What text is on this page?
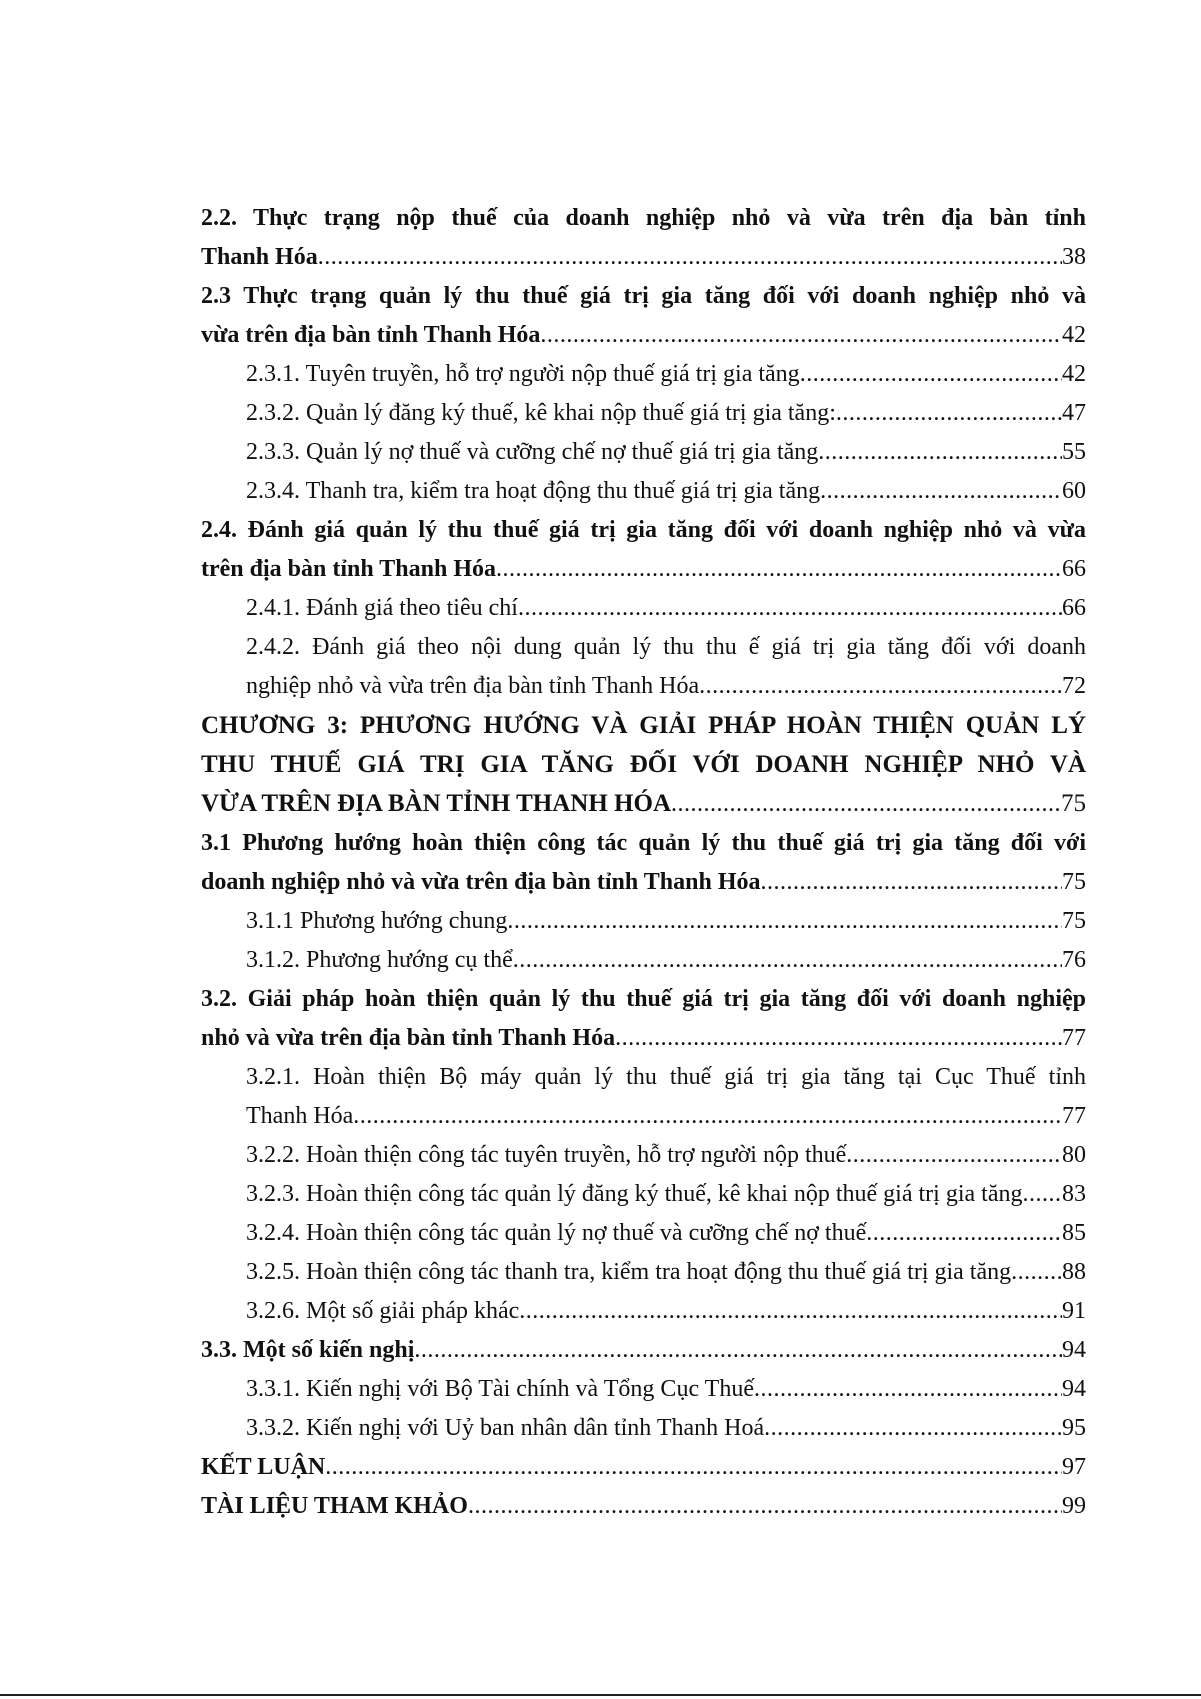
2.2. Thực trạng nộp thuế của doanh nghiệp nhỏ và vừa trên địa bàn tỉnh
Thanh Hóa .....	38
2.3 Thực trạng quản lý thu thuế giá trị gia tăng đối với doanh nghiệp nhỏ và
vừa trên địa bàn tỉnh Thanh Hóa .....	42
2.3.1. Tuyên truyền, hỗ trợ người nộp thuế giá trị gia tăng .....	42
2.3.2. Quản lý đăng ký thuế, kê khai nộp thuế giá trị gia tăng: .....	47
2.3.3. Quản lý nợ thuế và cưỡng chế nợ thuế giá trị gia tăng .....	55
2.3.4. Thanh tra, kiểm tra hoạt động thu thuế giá trị gia tăng .....	60
2.4. Đánh giá quản lý thu thuế giá trị gia tăng đối với doanh nghiệp nhỏ và vừa
trên địa bàn tỉnh Thanh Hóa .....	66
2.4.1. Đánh giá theo tiêu chí .....	66
2.4.2. Đánh giá theo nội dung quản lý thu thu ế giá trị gia tăng đối với doanh
nghiệp nhỏ và vừa trên địa bàn tỉnh Thanh Hóa .....	72
CHƯƠNG 3: PHƯƠNG HƯỚNG VÀ GIẢI PHÁP HOÀN THIỆN QUẢN LÝ
THU THUẾ GIÁ TRỊ GIA TĂNG ĐỐI VỚI DOANH NGHIỆP NHỎ VÀ
VỪA TRÊN ĐỊA BÀN TỈNH THANH HÓA .....	75
3.1 Phương hướng hoàn thiện công tác quản lý thu thuế giá trị gia tăng đối với
doanh nghiệp nhỏ và vừa trên địa bàn tỉnh Thanh Hóa .....	75
3.1.1 Phương hướng chung .....	75
3.1.2. Phương hướng cụ thể .....	76
3.2. Giải pháp hoàn thiện quản lý thu thuế giá trị gia tăng đối với doanh nghiệp
nhỏ và vừa trên địa bàn tỉnh Thanh Hóa .....	77
3.2.1. Hoàn thiện Bộ máy quản lý thu thuế giá trị gia tăng tại Cục Thuế tỉnh
Thanh Hóa .....	77
3.2.2. Hoàn thiện công tác tuyên truyền, hỗ trợ người nộp thuế .....	80
3.2.3. Hoàn thiện công tác quản lý đăng ký thuế, kê khai nộp thuế giá trị gia tăng ..... 83
3.2.4. Hoàn thiện công tác quản lý nợ thuế và cưỡng chế nợ thuế .....	85
3.2.5. Hoàn thiện công tác thanh tra, kiểm tra hoạt động thu thuế giá trị gia tăng ..... 88
3.2.6. Một số giải pháp khác .....	91
3.3. Một số kiến nghị .....	94
3.3.1. Kiến nghị với Bộ Tài chính và Tổng Cục Thuế .....	94
3.3.2. Kiến nghị với Uỷ ban nhân dân tỉnh Thanh Hoá .....	95
KẾT LUẬN .....	97
TÀI LIỆU THAM KHẢO .....	99
